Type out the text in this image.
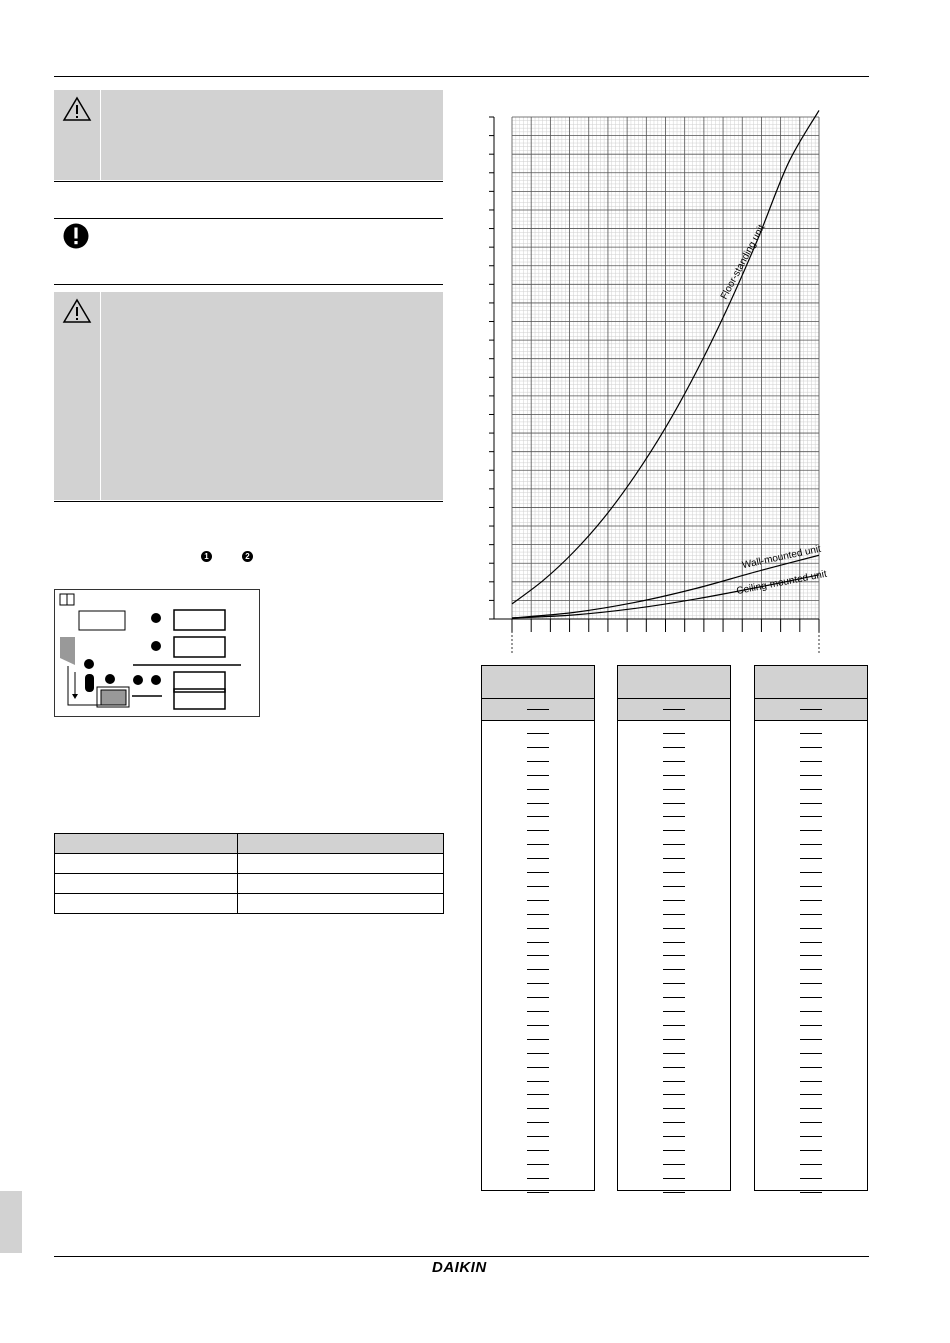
1	2

Floor-standing unit
Wall-mounted unit
Ceiling-mounted unit
DAIKIN
